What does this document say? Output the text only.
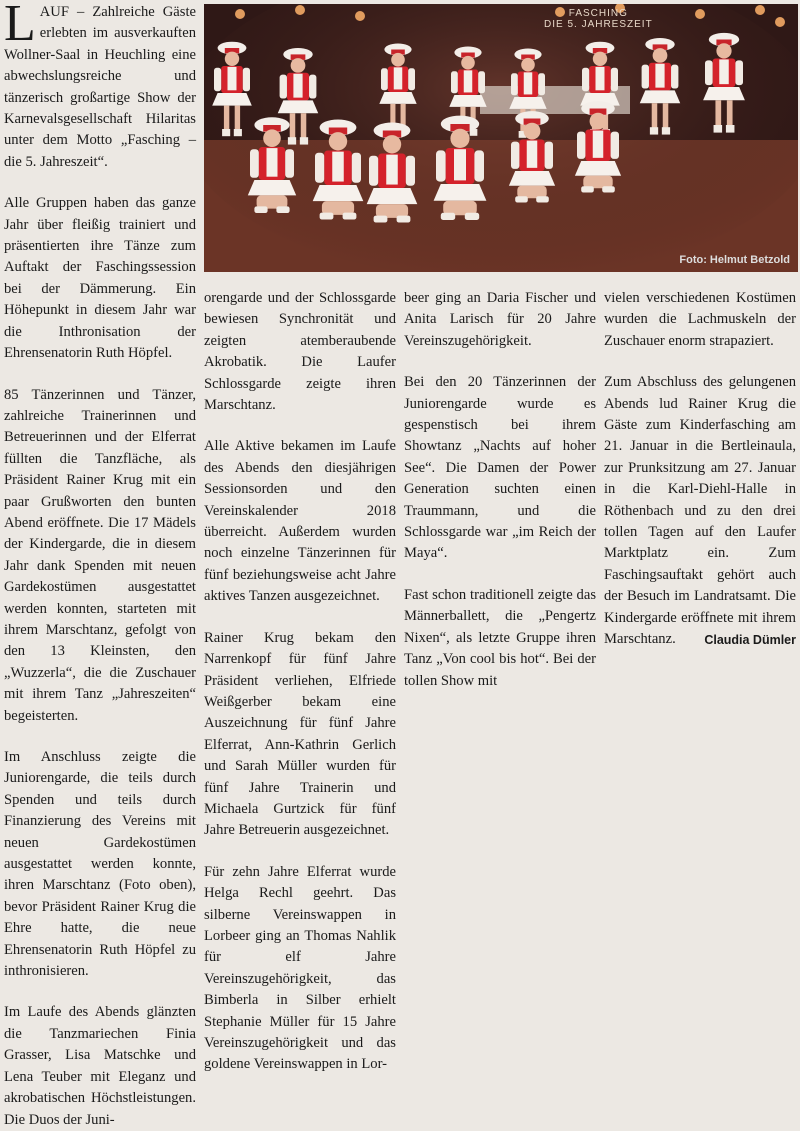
LAUF – Zahlreiche Gäste erlebten im ausverkauften Wollner-Saal in Heuchling eine abwechslungsreiche und tänzerisch großartige Show der Karnevalsgesellschaft Hilaritas unter dem Motto „Fasching – die 5. Jahreszeit“.

Alle Gruppen haben das ganze Jahr über fleißig trainiert und präsentierten ihre Tänze zum Auftakt der Faschingssession bei der Dämmerung. Ein Höhepunkt in diesem Jahr war die Inthronisation der Ehrensenatorin Ruth Höpfel.

85 Tänzerinnen und Tänzer, zahlreiche Trainerinnen und Betreuerinnen und der Elferrat füllten die Tanzfläche, als Präsident Rainer Krug mit ein paar Grußworten den bunten Abend eröffnete. Die 17 Mädels der Kindergarde, die in diesem Jahr dank Spenden mit neuen Gardekostümen ausgestattet werden konnten, starteten mit ihrem Marschtanz, gefolgt von den 13 Kleinsten, den „Wuzzerla“, die die Zuschauer mit ihrem Tanz „Jahreszeiten“ begeisterten.

Im Anschluss zeigte die Juniorengarde, die teils durch Spenden und teils durch Finanzierung des Vereins mit neuen Gardekostümen ausgestattet werden konnte, ihren Marschtanz (Foto oben), bevor Präsident Rainer Krug die Ehre hatte, die neue Ehrensenatorin Ruth Höpfel zu inthronisieren.

Im Laufe des Abends glänzten die Tanzmariechen Finia Grasser, Lisa Matschke und Lena Teuber mit Eleganz und akrobatischen Höchstleistungen. Die Duos der Juni-

FASCHING
DIE 5. JAHRESZEIT
Foto: Helmut Betzold

orengarde und der Schlossgarde bewiesen Synchronität und zeigten atemberaubende Akrobatik. Die Laufer Schlossgarde zeigte ihren Marschtanz.

Alle Aktive bekamen im Laufe des Abends den diesjährigen Sessionsorden und den Vereinskalender 2018 überreicht. Außerdem wurden noch einzelne Tänzerinnen für fünf beziehungsweise acht Jahre aktives Tanzen ausgezeichnet.

Rainer Krug bekam den Narrenkopf für fünf Jahre Präsident verliehen, Elfriede Weißgerber bekam eine Auszeichnung für fünf Jahre Elferrat, Ann-Kathrin Gerlich und Sarah Müller wurden für fünf Jahre Trainerin und Michaela Gurtzick für fünf Jahre Betreuerin ausgezeichnet.

Für zehn Jahre Elferrat wurde Helga Rechl geehrt. Das silberne Vereinswappen in Lorbeer ging an Thomas Nahlik für elf Jahre Vereinszugehörigkeit, das Bimberla in Silber erhielt Stephanie Müller für 15 Jahre Vereinszugehörigkeit und das goldene Vereinswappen in Lor-

beer ging an Daria Fischer und Anita Larisch für 20 Jahre Vereinszugehörigkeit.

Bei den 20 Tänzerinnen der Juniorengarde wurde es gespenstisch bei ihrem Showtanz „Nachts auf hoher See“. Die Damen der Power Generation suchten einen Traummann, und die Schlossgarde war „im Reich der Maya“.

Fast schon traditionell zeigte das Männerballett, die „Pengertz Nixen“, als letzte Gruppe ihren Tanz „Von cool bis hot“. Bei der tollen Show mit

vielen verschiedenen Kostümen wurden die Lachmuskeln der Zuschauer enorm strapaziert.

Zum Abschluss des gelungenen Abends lud Rainer Krug die Gäste zum Kinderfasching am 21. Januar in die Bertleinaula, zur Prunksitzung am 27. Januar in die Karl-Diehl-Halle in Röthenbach und zu den drei tollen Tagen auf den Laufer Marktplatz ein. Zum Faschingsauftakt gehört auch der Besuch im Landratsamt. Die Kindergarde eröffnete mit ihrem Marschtanz. Claudia Dümler
